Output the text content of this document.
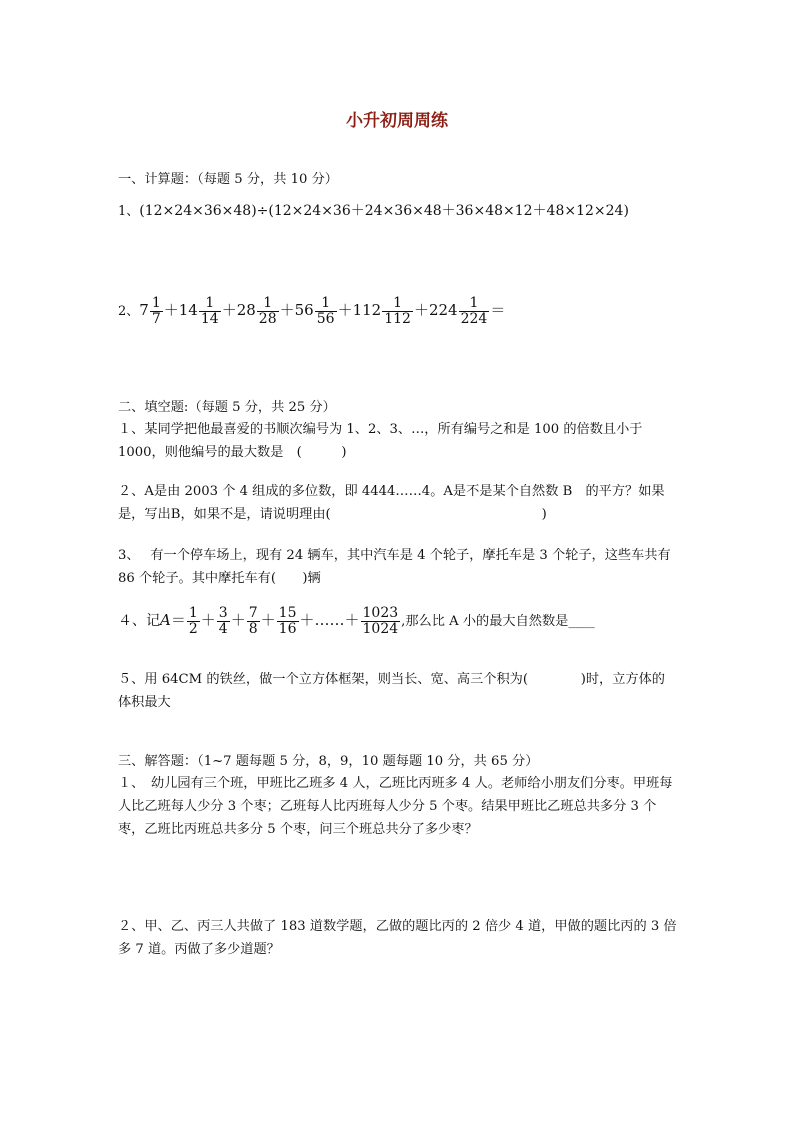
小升初周周练
一、计算题：（每题 5 分，共 10 分）
1、(12×24×36×48)÷(12×24×36＋24×36×48＋36×48×12＋48×12×24)
2、$7 \frac{1}{7} +14 \frac{1}{14} +28 \frac{1}{28} +56 \frac{1}{56} +112 \frac{1}{112} +224 \frac{1}{224}$ ＝
二、填空题:（每题 5 分，共 25 分）
１、某同学把他最喜爱的书顺次编号为 1、2、3、…，所有编号之和是 100 的倍数且小于 1000，则他编号的最大数是　(　　　)
２、A是由 2003 个 4 组成的多位数，即 4444……4。A是不是某个自然数 B　的平方？如果是，写出B，如果不是，请说明理由(　　　　　　　　　　　　　　　　)
3、　 有一个停车场上，现有 24 辆车，其中汽车是 4 个轮子，摩托车是 3 个轮子，这些车共有 86 个轮子。其中摩托车有(　　)辆
４、记$A= \frac{1}{2} + \frac{3}{4} + \frac{7}{8} + \frac{15}{16}$ ＋……＋ $\frac{1023}{1024}$ ,那么比 A 小的最大自然数是____
５、用 64CM 的铁丝，做一个立方体框架，则当长、宽、高三个积为(　　　　)时，立方体的体积最大
三、解答题：（1~7 题每题 5 分，8，9，10 题每题 10 分，共 65 分）
１、　幼儿园有三个班，甲班比乙班多 4 人，乙班比丙班多 4 人。老师给小朋友们分枣。甲班每人比乙班每人少分 3 个枣；乙班每人比丙班每人少分 5 个枣。结果甲班比乙班总共多分 3 个枣，乙班比丙班总共多分 5 个枣，问三个班总共分了多少枣？
２、甲、乙、丙三人共做了 183 道数学题，乙做的题比丙的 2 倍少 4 道，甲做的题比丙的 3 倍多 7 道。丙做了多少道题？
